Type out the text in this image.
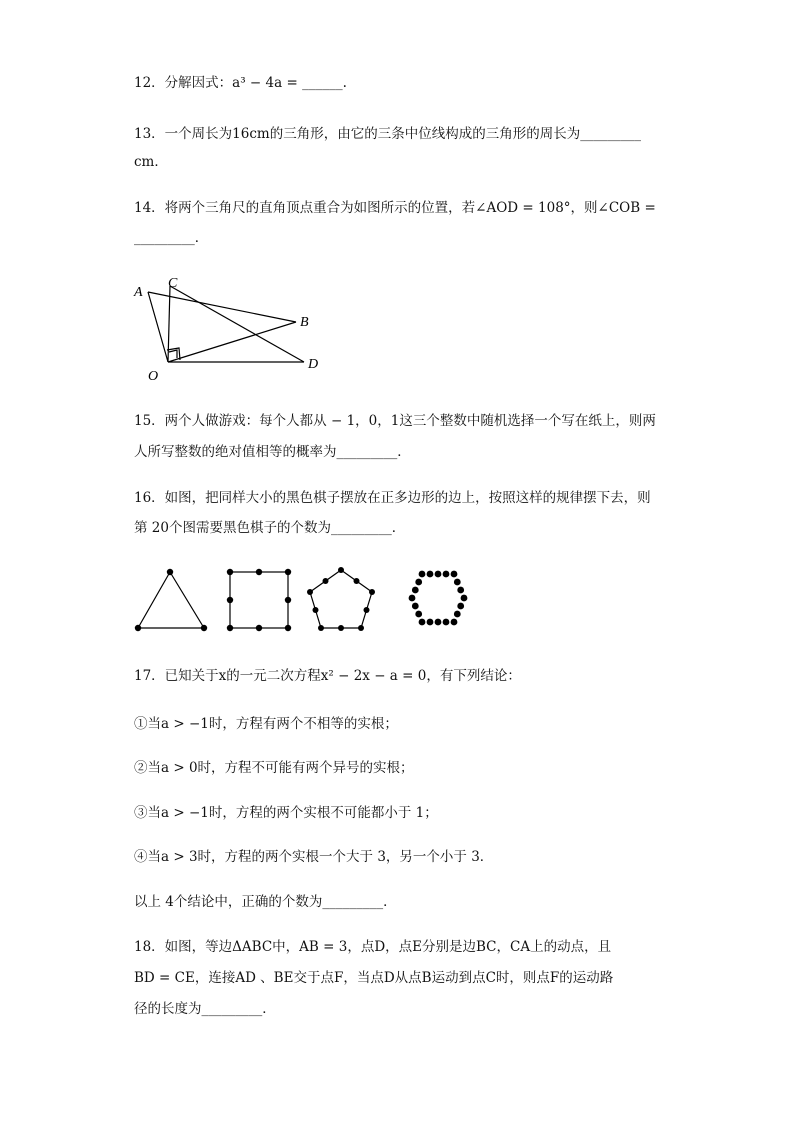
12．分解因式：a³ − 4a = ______.
13．一个周长为16cm的三角形，由它的三条中位线构成的三角形的周长为_________
cm．
14．将两个三角尺的直角顶点重合为如图所示的位置，若∠AOD = 108°，则∠COB =
_________．
A
C
B
D
O
15．两个人做游戏：每个人都从 − 1，0，1这三个整数中随机选择一个写在纸上，则两
人所写整数的绝对值相等的概率为_________．
16．如图，把同样大小的黑色棋子摆放在正多边形的边上，按照这样的规律摆下去，则
第 20个图需要黑色棋子的个数为_________．
17．已知关于x的一元二次方程x² − 2x − a = 0，有下列结论：
①当a > −1时，方程有两个不相等的实根；
②当a > 0时，方程不可能有两个异号的实根；
③当a > −1时，方程的两个实根不可能都小于 1；
④当a > 3时，方程的两个实根一个大于 3，另一个小于 3．
以上 4个结论中，正确的个数为_________．
18．如图，等边ΔABC中，AB = 3，点D，点E分别是边BC，CA上的动点，且
BD = CE，连接AD 、BE交于点F，当点D从点B运动到点C时，则点F的运动路
径的长度为_________．
